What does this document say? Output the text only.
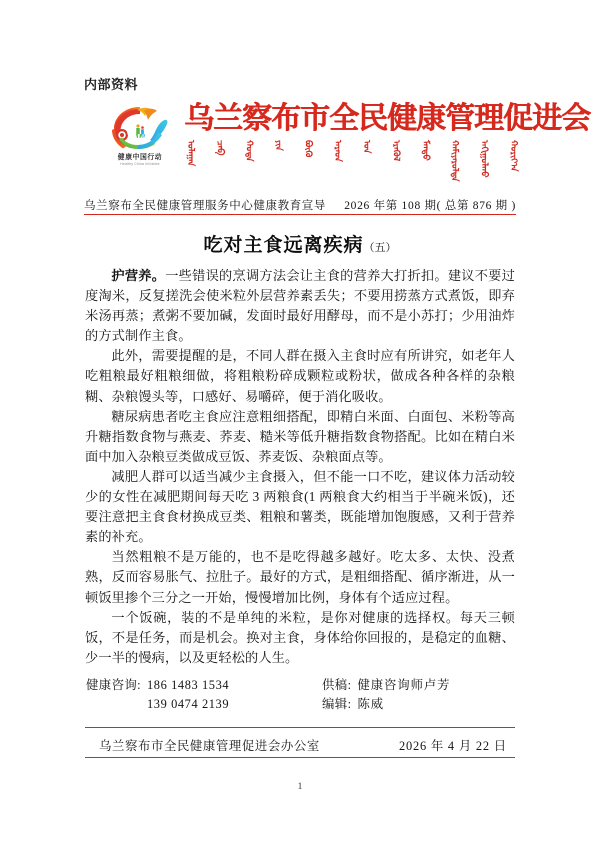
内部资料
健康中国行动
Healthy China Initiative
乌兰察布市全民健康管理促进会
ᠤᠯᠠᠭᠠᠨ ᠴᠠᠪ ᠬᠣᠲᠠ ᠶᠢᠨ ᠪᠦᠬᠦ ᠠᠷᠠᠳ ᠤᠨ ᠡᠷᠡᠭᠦᠯ ᠮᠡᠨᠳᠦ ᠬᠠᠮᠢᠶᠠᠷᠤᠯᠲᠠ ᠠᠬᠢᠭᠤᠯᠬᠤ ᠬᠣᠷᠢᠶ᠎ᠠ
乌兰察布全民健康管理服务中心健康教育宣导 2026 年第 108 期( 总第 876 期 )
吃对主食远离疾病（五）

护营养。一些错误的烹调方法会让主食的营养大打折扣。建议不要过度淘米，反复搓洗会使米粒外层营养素丢失；不要用捞蒸方式煮饭，即弃米汤再蒸；煮粥不要加碱，发面时最好用酵母，而不是小苏打；少用油炸的方式制作主食。

此外，需要提醒的是，不同人群在摄入主食时应有所讲究，如老年人吃粗粮最好粗粮细做，将粗粮粉碎成颗粒或粉状，做成各种各样的杂粮糊、杂粮馒头等，口感好、易嚼碎，便于消化吸收。

糖尿病患者吃主食应注意粗细搭配，即精白米面、白面包、米粉等高升糖指数食物与燕麦、荞麦、糙米等低升糖指数食物搭配。比如在精白米面中加入杂粮豆类做成豆饭、荞麦饭、杂粮面点等。

减肥人群可以适当减少主食摄入，但不能一口不吃，建议体力活动较少的女性在减肥期间每天吃 3 两粮食(1 两粮食大约相当于半碗米饭)，还要注意把主食食材换成豆类、粗粮和薯类，既能增加饱腹感，又利于营养素的补充。

当然粗粮不是万能的，也不是吃得越多越好。吃太多、太快、没煮熟，反而容易胀气、拉肚子。最好的方式，是粗细搭配、循序渐进，从一顿饭里掺个三分之一开始，慢慢增加比例，身体有个适应过程。

一个饭碗，装的不是单纯的米粒，是你对健康的选择权。每天三顿饭，不是任务，而是机会。换对主食，身体给你回报的，是稳定的血糖、少一半的慢病，以及更轻松的人生。

健康咨询: 186 1483 1534	供稿: 健康咨询师卢芳
139 0474 2139	编辑: 陈威
乌兰察布市全民健康管理促进会办公室	2026 年 4 月 22 日
1
